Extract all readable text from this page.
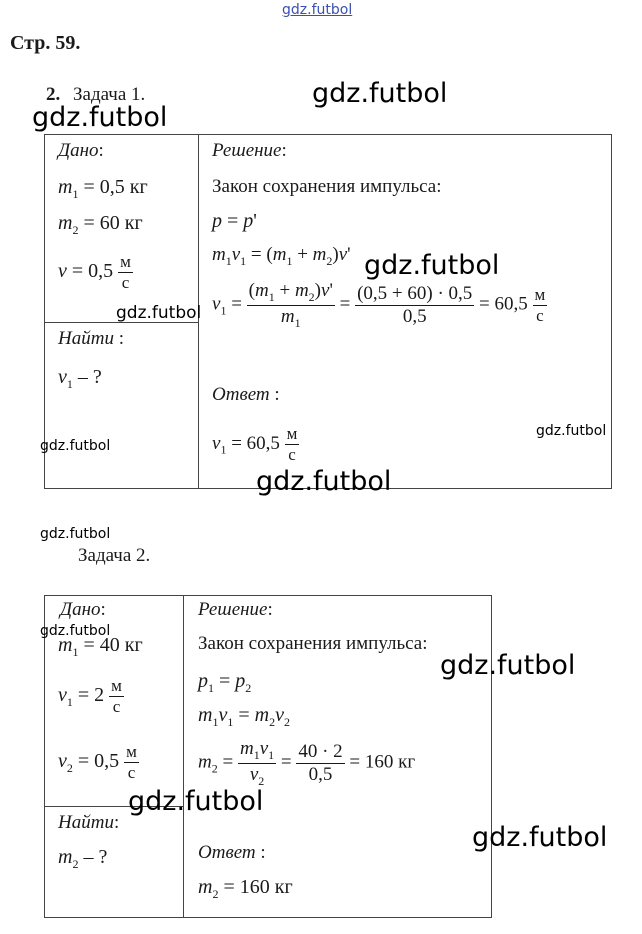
gdz.futbol
Стр. 59.
2. Задача 1.
Дано:
$m_1 = 0,5$ кг
$m_2 = 60$ кг
$v = 0,5 \frac{м}{с}$
Найти :
$v_1$ – ?
Решение:
Закон сохранения импульса:
p = p'
$m_1v_1 = (m_1 + m_2)v'$
$v_1 = \frac{(m_1 + m_2)v'}{m_1} = \frac{(0,5 + 60) \cdot 0,5}{0,5} = 60,5 \frac{м}{с}$
Ответ :
$v_1 = 60,5 \frac{м}{с}$
Задача 2.
Дано:
$m_1 = 40$ кг
$v_1 = 2 \frac{м}{с}$
$v_2 = 0,5 \frac{м}{с}$
Найти:
$m_2$ – ?
Решение:
Закон сохранения импульса:
$p_1 = p_2$
$m_1v_1 = m_2v_2$
$m_2 = \frac{m_1v_1}{v_2} = \frac{40 \cdot 2}{0,5} = 160$ кг
Ответ :
$m_2 = 160$ кг
gdz.futbol
gdz.futbol
gdz.futbol
gdz.futbol
gdz.futbol
gdz.futbol
gdz.futbol
gdz.futbol
gdz.futbol
gdz.futbol
gdz.futbol
gdz.futbol
